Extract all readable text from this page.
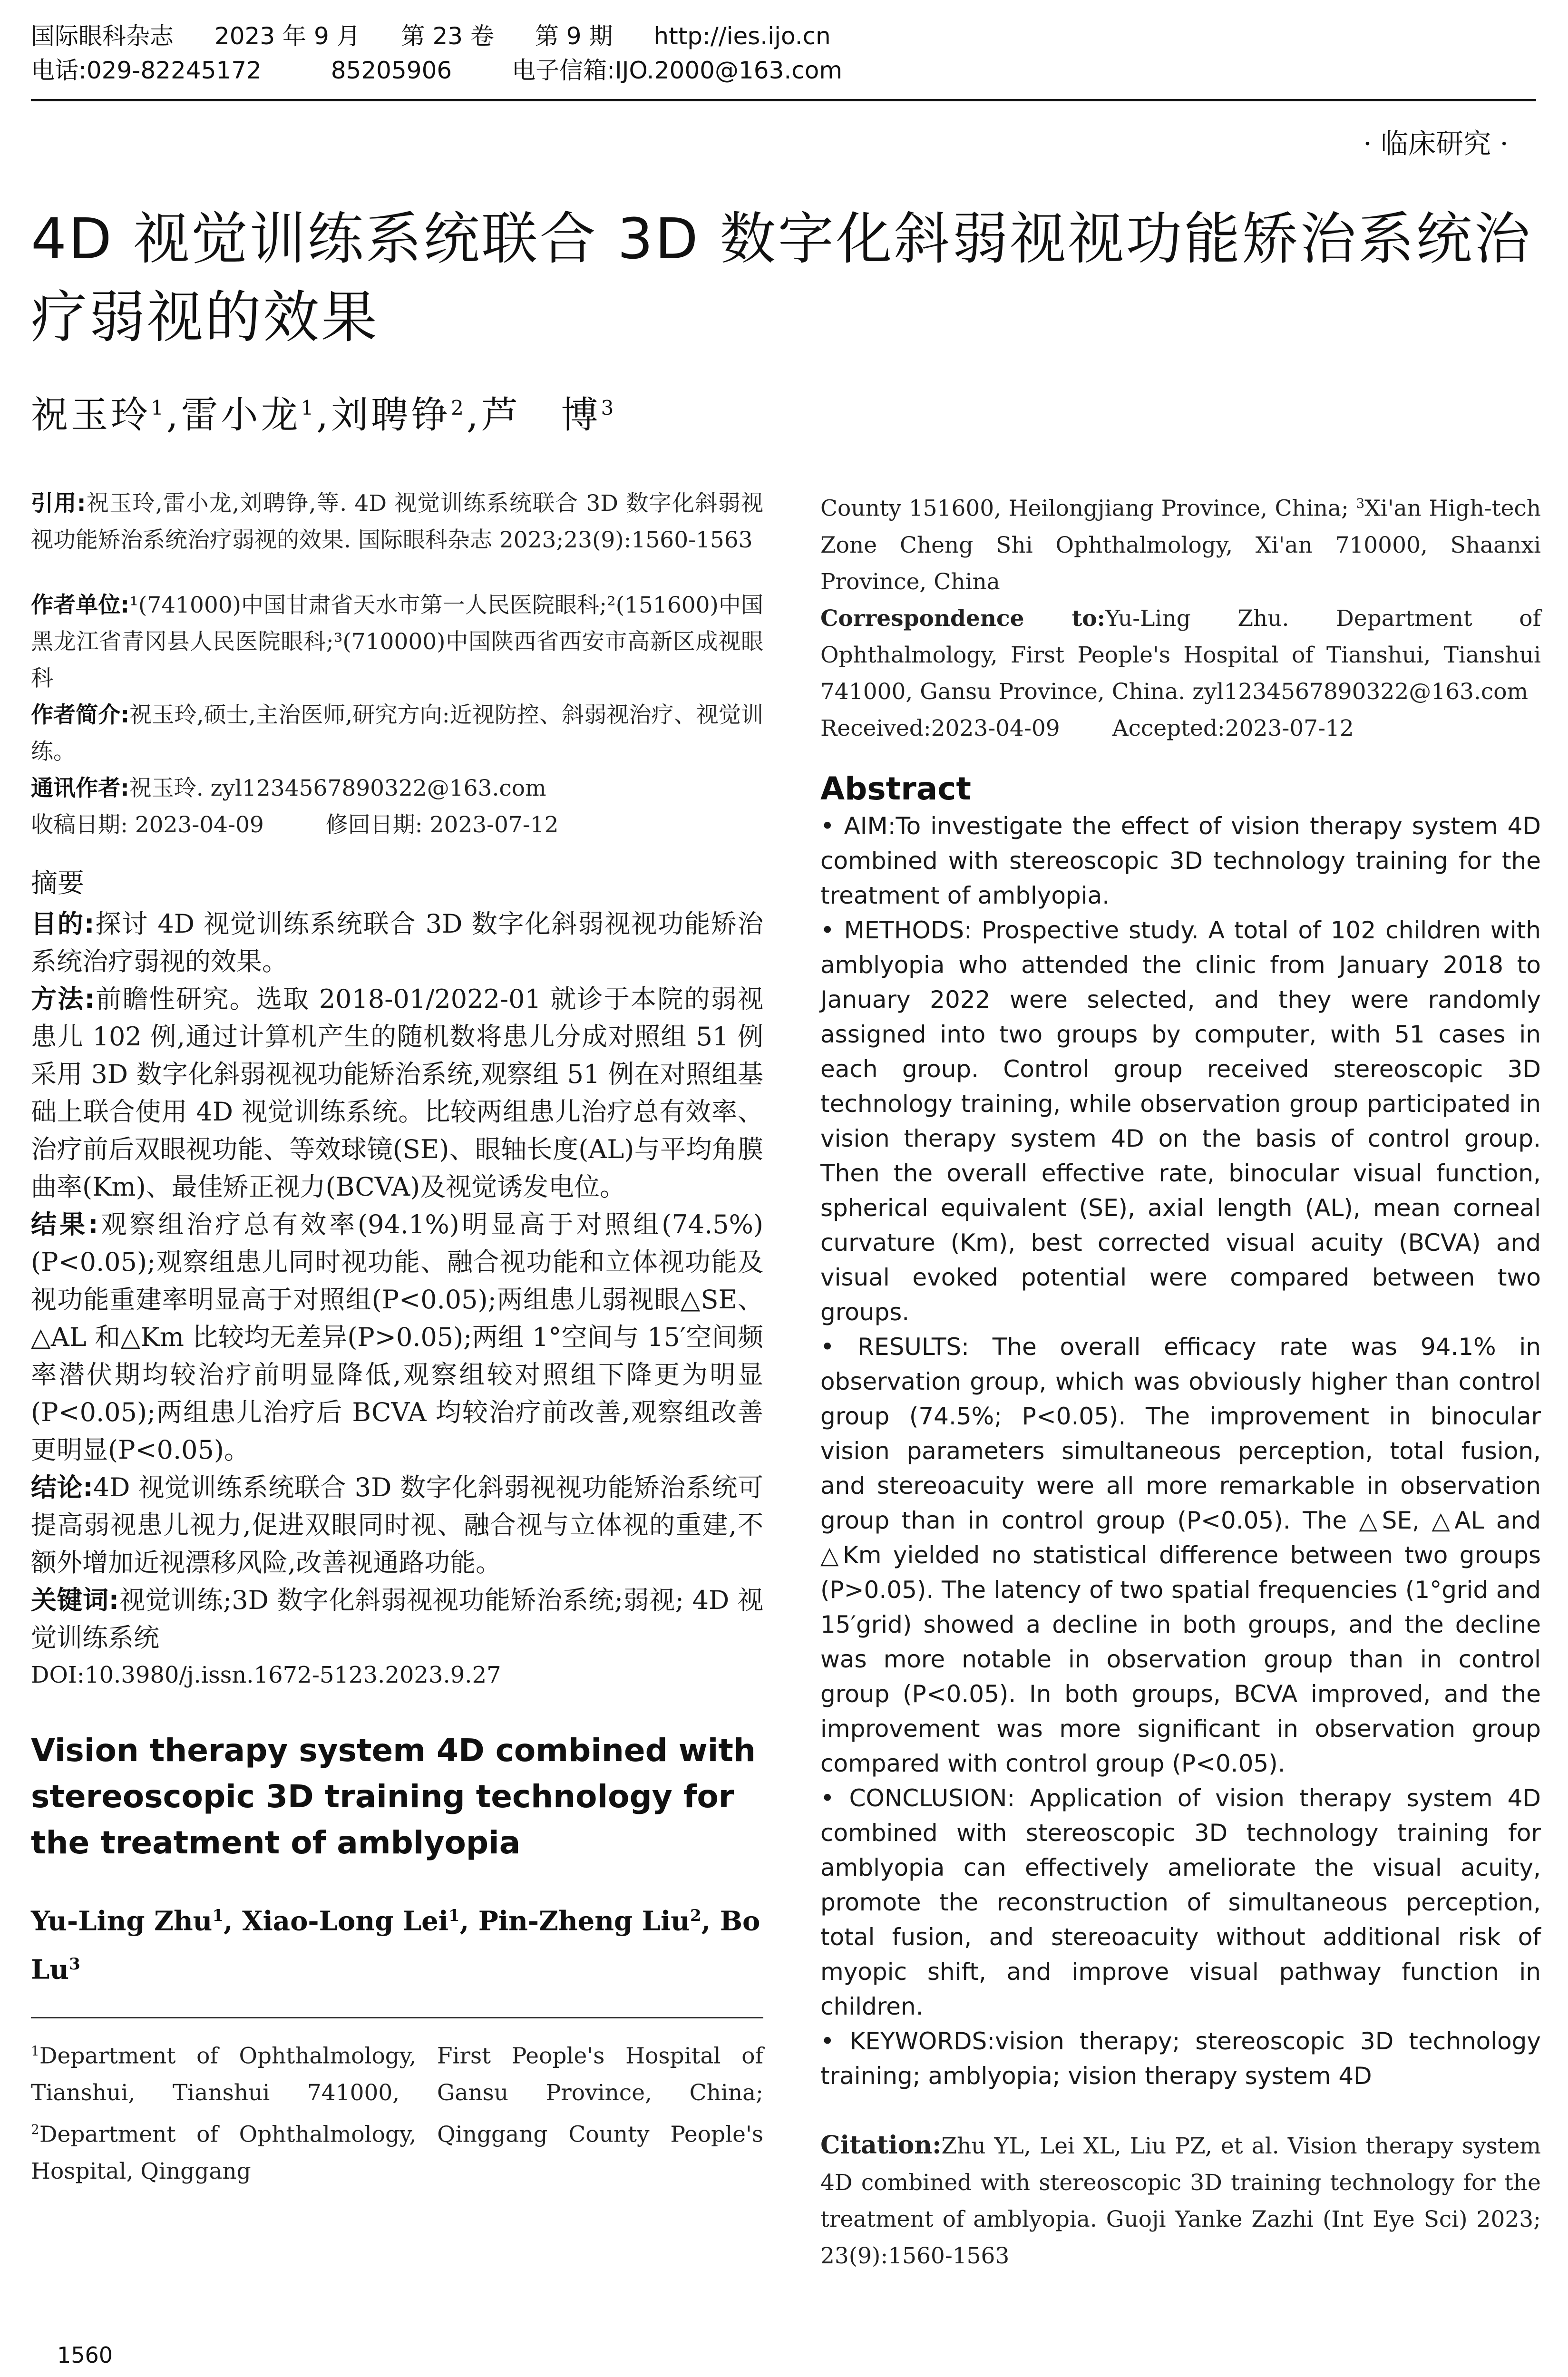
国际眼科杂志 2023 年 9 月 第 23 卷 第 9 期 http://ies.ijo.cn
电话:029-82245172	85205906	电子信箱:IJO.2000@163.com
· 临床研究 ·
4D 视觉训练系统联合 3D 数字化斜弱视视功能矫治系统治疗弱视的效果
祝玉玲$^1$,雷小龙$^1$,刘聘铮$^2$,芦　博$^3$

引用:祝玉玲,雷小龙,刘聘铮,等. 4D 视觉训练系统联合 3D 数字化斜弱视视功能矫治系统治疗弱视的效果. 国际眼科杂志 2023;23(9):1560-1563

作者单位:¹(741000)中国甘肃省天水市第一人民医院眼科;²(151600)中国黑龙江省青冈县人民医院眼科;³(710000)中国陕西省西安市高新区成视眼科

作者简介:祝玉玲,硕士,主治医师,研究方向:近视防控、斜弱视治疗、视觉训练。

通讯作者:祝玉玲. zyl1234567890322@163.com

收稿日期: 2023-04-09	修回日期: 2023-07-12

摘要

目的:探讨 4D 视觉训练系统联合 3D 数字化斜弱视视功能矫治系统治疗弱视的效果。

方法:前瞻性研究。选取 2018-01/2022-01 就诊于本院的弱视患儿 102 例,通过计算机产生的随机数将患儿分成对照组 51 例采用 3D 数字化斜弱视视功能矫治系统,观察组 51 例在对照组基础上联合使用 4D 视觉训练系统。比较两组患儿治疗总有效率、治疗前后双眼视功能、等效球镜(SE)、眼轴长度(AL)与平均角膜曲率(Km)、最佳矫正视力(BCVA)及视觉诱发电位。

结果:观察组治疗总有效率(94.1%)明显高于对照组(74.5%)(P<0.05);观察组患儿同时视功能、融合视功能和立体视功能及视功能重建率明显高于对照组(P<0.05);两组患儿弱视眼△SE、△AL 和△Km 比较均无差异(P>0.05);两组 1°空间与 15′空间频率潜伏期均较治疗前明显降低,观察组较对照组下降更为明显(P<0.05);两组患儿治疗后 BCVA 均较治疗前改善,观察组改善更明显(P<0.05)。

结论:4D 视觉训练系统联合 3D 数字化斜弱视视功能矫治系统可提高弱视患儿视力,促进双眼同时视、融合视与立体视的重建,不额外增加近视漂移风险,改善视通路功能。

关键词:视觉训练;3D 数字化斜弱视视功能矫治系统;弱视; 4D 视觉训练系统

DOI:10.3980/j.issn.1672-5123.2023.9.27

Vision therapy system 4D combined with stereoscopic 3D training technology for the treatment of amblyopia
Yu-Ling Zhu$^1$, Xiao-Long Lei$^1$, Pin-Zheng Liu$^2$, Bo Lu$^3$
$^1$Department of Ophthalmology, First People's Hospital of Tianshui, Tianshui 741000, Gansu Province, China; $^2$Department of Ophthalmology, Qinggang County People's Hospital, Qinggang
County 151600, Heilongjiang Province, China; $^3$Xi'an High-tech Zone Cheng Shi Ophthalmology, Xi'an 710000, Shaanxi Province, China
Correspondence to:Yu-Ling Zhu. Department of Ophthalmology, First People's Hospital of Tianshui, Tianshui 741000, Gansu Province, China. zyl1234567890322@163.com
Received:2023-04-09 Accepted:2023-07-12
Abstract

• AIM:To investigate the effect of vision therapy system 4D combined with stereoscopic 3D technology training for the treatment of amblyopia.

• METHODS: Prospective study. A total of 102 children with amblyopia who attended the clinic from January 2018 to January 2022 were selected, and they were randomly assigned into two groups by computer, with 51 cases in each group. Control group received stereoscopic 3D technology training, while observation group participated in vision therapy system 4D on the basis of control group. Then the overall effective rate, binocular visual function, spherical equivalent (SE), axial length (AL), mean corneal curvature (Km), best corrected visual acuity (BCVA) and visual evoked potential were compared between two groups.

• RESULTS: The overall efficacy rate was 94.1% in observation group, which was obviously higher than control group (74.5%; P<0.05). The improvement in binocular vision parameters simultaneous perception, total fusion, and stereoacuity were all more remarkable in observation group than in control group (P<0.05). The △SE, △AL and △Km yielded no statistical difference between two groups (P>0.05). The latency of two spatial frequencies (1°grid and 15′grid) showed a decline in both groups, and the decline was more notable in observation group than in control group (P<0.05). In both groups, BCVA improved, and the improvement was more significant in observation group compared with control group (P<0.05).

• CONCLUSION: Application of vision therapy system 4D combined with stereoscopic 3D technology training for amblyopia can effectively ameliorate the visual acuity, promote the reconstruction of simultaneous perception, total fusion, and stereoacuity without additional risk of myopic shift, and improve visual pathway function in children.

• KEYWORDS:vision therapy; stereoscopic 3D technology training; amblyopia; vision therapy system 4D

Citation:Zhu YL, Lei XL, Liu PZ, et al. Vision therapy system 4D combined with stereoscopic 3D training technology for the treatment of amblyopia. Guoji Yanke Zazhi (Int Eye Sci) 2023; 23(9):1560-1563
1560
